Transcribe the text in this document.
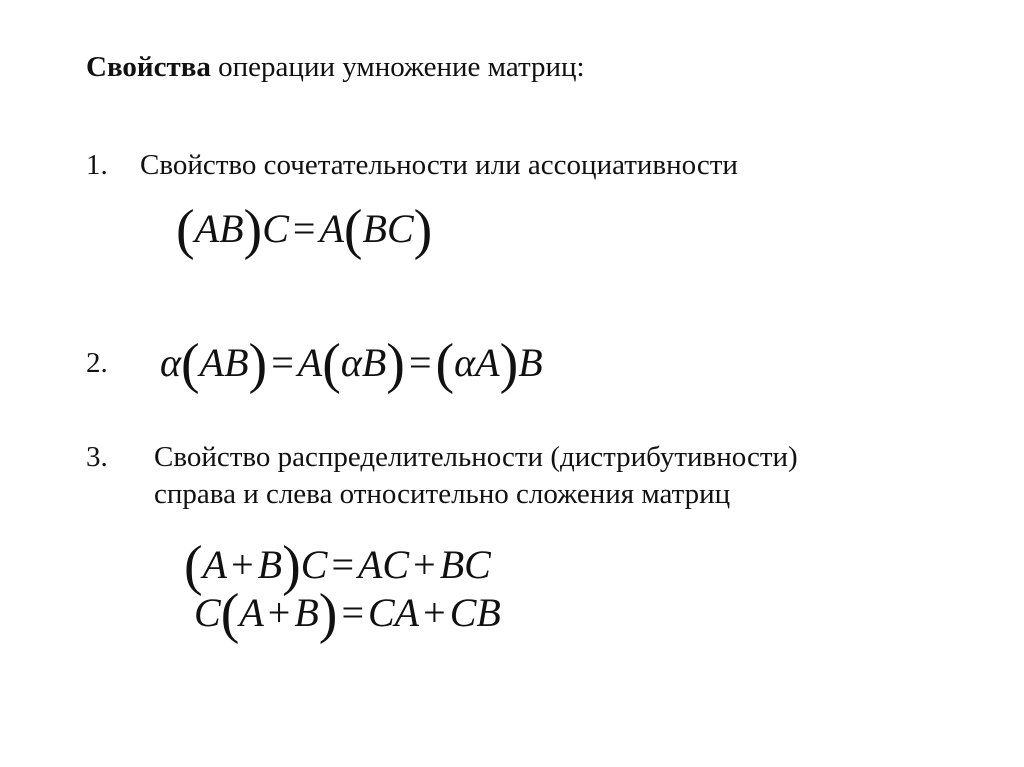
Свойства операции умножение матриц:
1. Свойство сочетательности или ассоциативности
(AB)C = A(BC)
2. α(AB) = A(αB) =(αA)B
3. Свойство распределительности (дистрибутивности)
справа и слева относительно сложения матриц
(A + B)C = AC + BC
C(A + B) = CA + CB
